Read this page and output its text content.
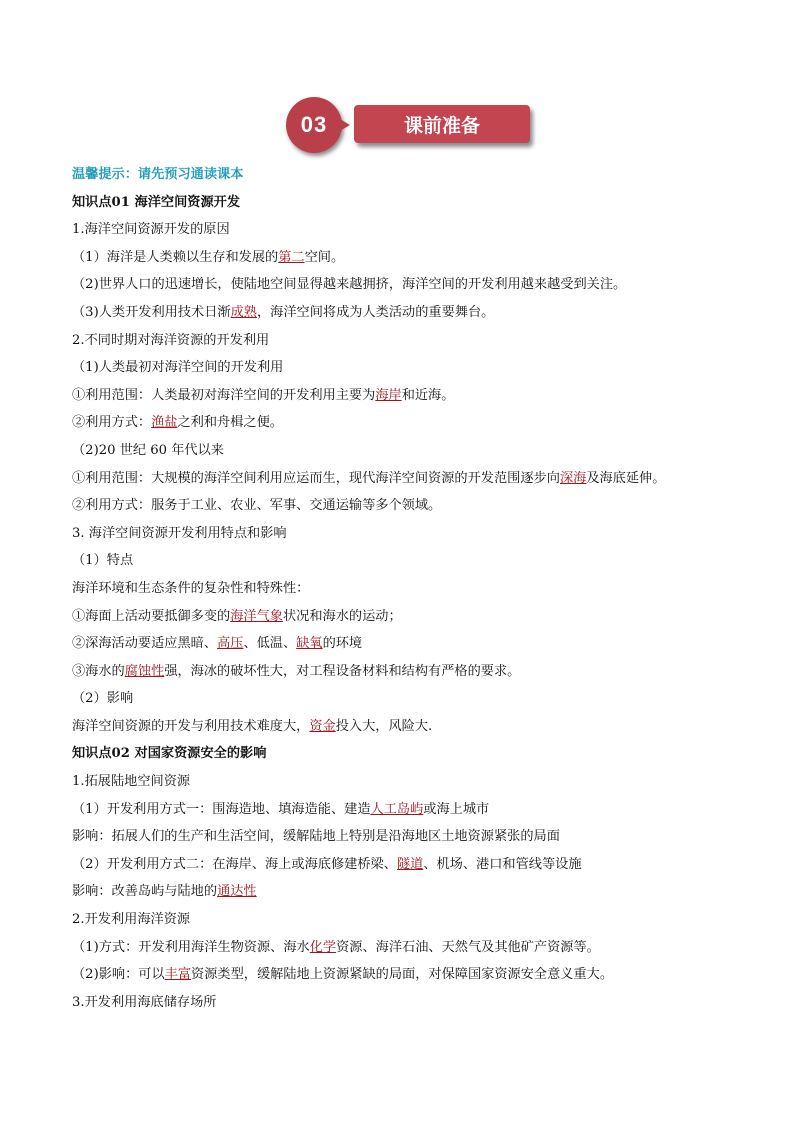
03	课前准备
温馨提示：请先预习通读课本
知识点01 海洋空间资源开发
1.海洋空间资源开发的原因
（1）海洋是人类赖以生存和发展的第二空间。
（2)世界人口的迅速增长，使陆地空间显得越来越拥挤，海洋空间的开发利用越来越受到关注。
（3)人类开发利用技术日渐成熟，海洋空间将成为人类活动的重要舞台。
2.不同时期对海洋资源的开发利用
（1)人类最初对海洋空间的开发利用
①利用范围：人类最初对海洋空间的开发利用主要为海岸和近海。
②利用方式：渔盐之利和舟楫之便。
（2)20 世纪 60 年代以来
①利用范围：大规模的海洋空间利用应运而生，现代海洋空间资源的开发范围逐步向深海及海底延伸。
②利用方式：服务于工业、农业、军事、交通运输等多个领域。
3. 海洋空间资源开发利用特点和影响
（1）特点
海洋环境和生态条件的复杂性和特殊性：
①海面上活动要抵御多变的海洋气象状况和海水的运动；
②深海活动要适应黑暗、高压、低温、缺氧的环境
③海水的腐蚀性强，海冰的破坏性大，对工程设备材料和结构有严格的要求。
（2）影响
海洋空间资源的开发与利用技术难度大，资金投入大，风险大.
知识点02 对国家资源安全的影响
1.拓展陆地空间资源
（1）开发利用方式一：围海造地、填海造能、建造人工岛屿或海上城市
影响：拓展人们的生产和生活空间，缓解陆地上特别是沿海地区土地资源紧张的局面
（2）开发利用方式二：在海岸、海上或海底修建桥梁、隧道、机场、港口和管线等设施
影响：改善岛屿与陆地的通达性
2.开发利用海洋资源
（1)方式：开发利用海洋生物资源、海水化学资源、海洋石油、天然气及其他矿产资源等。
（2)影响：可以丰富资源类型，缓解陆地上资源紧缺的局面，对保障国家资源安全意义重大。
3.开发利用海底储存场所
